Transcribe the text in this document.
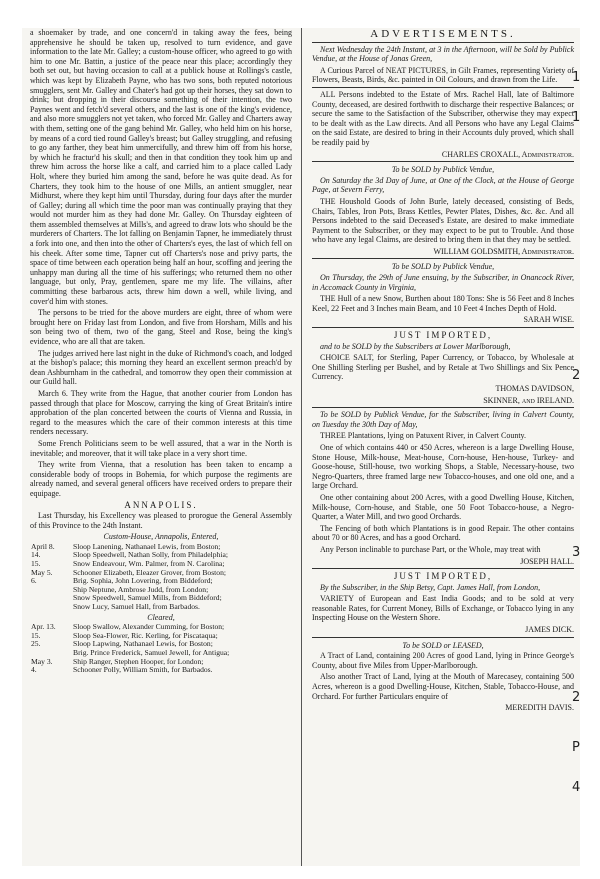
a shoemaker by trade, and one concern'd in taking away the fees, being apprehensive he should be taken up, resolved to turn evidence, and gave information to the late Mr. Galley; a custom-house officer, who agreed to go with him to one Mr. Battin, a justice of the peace near this place; accordingly they both set out, but having occasion to call at a publick house at Rollings's castle, which was kept by Elizabeth Payne, who has two sons, both reputed notorious smugglers, sent Mr. Galley and Chater's had got up their horses, they sat down to drink; but dropping in their discourse something of their intention, the two Paynes went and fetch'd several others, and the last is one of the king's evidence, and also more smugglers not yet taken, who forced Mr. Galley and Charters away with them, setting one of the gang behind Mr. Galley, who held him on his horse, by means of a cord tied round Galley's breast; but Galley struggling, and refusing to go any farther, they beat him unmercifully, and threw him off from his horse, by which he fractur'd his skull; and then in that condition they took him up and threw him across the horse like a calf, and carried him to a place called Lady Holt, where they buried him among the sand, before he was quite dead. As for Charters, they took him to the house of one Mills, an antient smuggler, near Midhurst, where they kept him until Thursday, during four days after the murder of Galley; during all which time the poor man was continually praying that they would not murder him as they had done Mr. Galley. On Thursday eighteen of them assembled themselves at Mills's, and agreed to draw lots who should be the murderers of Charters. The lot falling on Benjamin Tapner, he immediately thrust a fork into one, and then into the other of Charters's eyes, the last of which fell on his cheek. After some time, Tapner cut off Charters's nose and privy parts, the space of time between each operation being half an hour, scoffing and jeering the unhappy man during all the time of his sufferings; who returned them no other language, but only, Pray, gentlemen, spare me my life. The villains, after committing these barbarous acts, threw him down a well, while living, and cover'd him with stones.

The persons to be tried for the above murders are eight, three of whom were brought here on Friday last from London, and five from Horsham, Mills and his son being two of them, two of the gang, Steel and Rose, being the king's evidence, who are all that are taken.

The judges arrived here last night in the duke of Richmond's coach, and lodged at the bishop's palace; this morning they heard an excellent sermon preach'd by dean Ashburnham in the cathedral, and tomorrow they open their commission at our Guild hall.

March 6. They write from the Hague, that another courier from London has passed through that place for Moscow, carrying the king of Great Britain's intire approbation of the plan concerted between the courts of Vienna and Russia, in regard to the measures which the care of their common interests at this time renders necessary.

Some French Politicians seem to be well assured, that a war in the North is inevitable; and moreover, that it will take place in a very short time.

They write from Vienna, that a resolution has been taken to encamp a considerable body of troops in Bohemia, for which purpose the regiments are already named, and several general officers have received orders to prepare their equipage.

ANNAPOLIS.

Last Thursday, his Excellency was pleased to prorogue the General Assembly of this Province to the 24th Instant.

Custom-House, Annapolis, Entered,
April 8.	Sloop Lanening, Nathanael Lewis, from Boston;
14.	Sloop Speedwell, Nathan Solly, from Philadelphia;
15.	Snow Endeavour, Wm. Palmer, from N. Carolina;
May 5.	Schooner Elizabeth, Eleazer Grover, from Boston;
6.	Brig. Sophia, John Lovering, from Biddeford;
	Ship Neptune, Ambrose Judd, from London;
	Snow Speedwell, Samuel Mills, from Biddeford;
	Snow Lucy, Samuel Hall, from Barbados.
Cleared,
Apr. 13.	Sloop Swallow, Alexander Cumming, for Boston;
15.	Sloop Sea-Flower, Ric. Kerling, for Piscataqua;
25.	Sloop Lapwing, Nathanael Lewis, for Boston;
	Brig. Prince Frederick, Samuel Jewell, for Antigua;
May 3.	Ship Ranger, Stephen Hooper, for London;
4.	Schooner Polly, William Smith, for Barbados.
ADVERTISEMENTS.

Next Wednesday the 24th Instant, at 3 in the Afternoon, will be Sold by Publick Vendue, at the House of Jonas Green,

A Curious Parcel of NEAT PICTURES, in Gilt Frames, representing Variety of Flowers, Beasts, Birds, &c. painted in Oil Colours, and drawn from the Life.

ALL Persons indebted to the Estate of Mrs. Rachel Hall, late of Baltimore County, deceased, are desired forthwith to discharge their respective Balances; or secure the same to the Satisfaction of the Subscriber, otherwise they may expect to be dealt with as the Law directs. And all Persons who have any Legal Claims on the said Estate, are desired to bring in their Accounts duly proved, which shall be readily paid by

CHARLES CROXALL, Administrator.

To be SOLD by Publick Vendue,

On Saturday the 3d Day of June, at One of the Clock, at the House of George Page, at Severn Ferry,

THE Houshold Goods of John Burle, lately deceased, consisting of Beds, Chairs, Tables, Iron Pots, Brass Kettles, Pewter Plates, Dishes, &c. &c. And all Persons indebted to the said Deceased's Estate, are desired to make immediate Payment to the Subscriber, or they may expect to be put to Trouble. And those who have any legal Claims, are desired to bring them in that they may be settled.

WILLIAM GOLDSMITH, Administrator.

To be SOLD by Publick Vendue,

On Thursday, the 29th of June ensuing, by the Subscriber, in Onancock River, in Accomack County in Virginia,

THE Hull of a new Snow, Burthen about 180 Tons: She is 56 Feet and 8 Inches Keel, 22 Feet and 3 Inches main Beam, and 10 Feet 4 Inches Depth of Hold.

SARAH WISE.

JUST IMPORTED,

and to be SOLD by the Subscribers at Lower Marlborough,

CHOICE SALT, for Sterling, Paper Currency, or Tobacco, by Wholesale at One Shilling Sterling per Bushel, and by Retale at Two Shillings and Six Pence Currency.

THOMAS DAVIDSON,

SKINNER, and IRELAND.

To be SOLD by Publick Vendue, for the Subscriber, living in Calvert County, on Tuesday the 30th Day of May,

THREE Plantations, lying on Patuxent River, in Calvert County.

One of which contains 440 or 450 Acres, whereon is a large Dwelling House, Stone House, Milk-house, Meat-house, Corn-house, Hen-house, Turkey- and Goose-house, Still-house, two working Shops, a Stable, Necessary-house, two Negro-Quarters, three framed large new Tobacco-houses, and one old one, and a large Orchard.

One other containing about 200 Acres, with a good Dwelling House, Kitchen, Milk-house, Corn-house, and Stable, one 50 Foot Tobacco-house, a Negro-Quarter, a Water Mill, and two good Orchards.

The Fencing of both which Plantations is in good Repair. The other contains about 70 or 80 Acres, and has a good Orchard.

Any Person inclinable to purchase Part, or the Whole, may treat with

JOSEPH HALL.

JUST IMPORTED,

By the Subscriber, in the Ship Betsy, Capt. James Hall, from London,

VARIETY of European and East India Goods; and to be sold at very reasonable Rates, for Current Money, Bills of Exchange, or Tobacco lying in any Inspecting House on the Western Shore.

JAMES DICK.

To be SOLD or LEASED,

A Tract of Land, containing 200 Acres of good Land, lying in Prince George's County, about five Miles from Upper-Marlborough.

Also another Tract of Land, lying at the Mouth of Marecasey, containing 500 Acres, whereon is a good Dwelling-House, Kitchen, Stable, Tobacco-House, and Orchard. For further Particulars enquire of

MEREDITH DAVIS.

1
1
2
3
2
P
4
